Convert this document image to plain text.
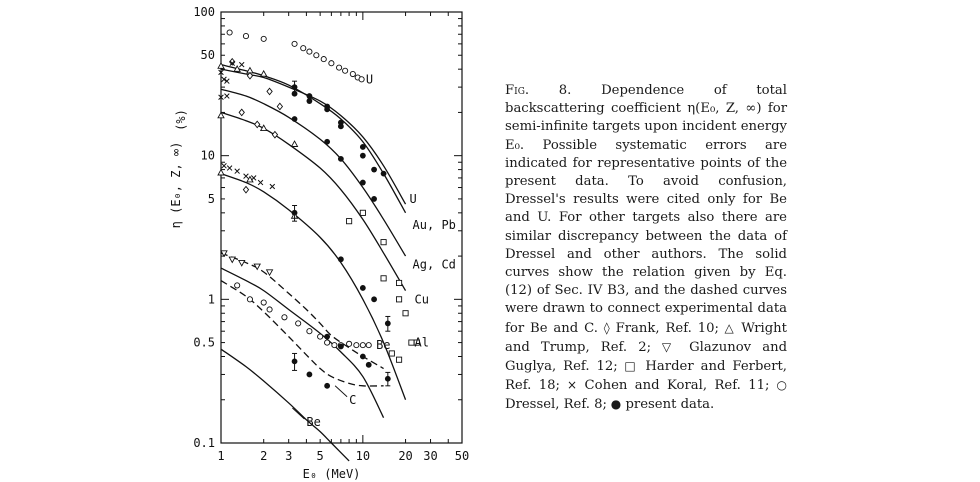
1	2 3 5	10 20 30 50
0.1
0.5
1
5
10
50
100
E₀ (MeV)
η (E₀, Z, ∞)
(%)
U
Au, Pb
Ag, Cd
Cu
Al
Be
C
Be
U
Fig. 8. Dependence of total backscattering coefficient η(E₀, Z, ∞) for semi-infinite targets upon incident energy E₀. Possible systematic errors are indicated for representative points of the present data. To avoid confusion, Dressel's results were cited only for Be and U. For other targets also there are similar discrepancy between the data of Dressel and other authors. The solid curves show the relation given by Eq. (12) of Sec. IV B3, and the dashed curves were drawn to connect experimental data for Be and C. ◊ Frank, Ref. 10; △ Wright and Trump, Ref. 2; ▽ Glazunov and Guglya, Ref. 12; □ Harder and Ferbert, Ref. 18; × Cohen and Koral, Ref. 11; ○ Dressel, Ref. 8; ● present data.
